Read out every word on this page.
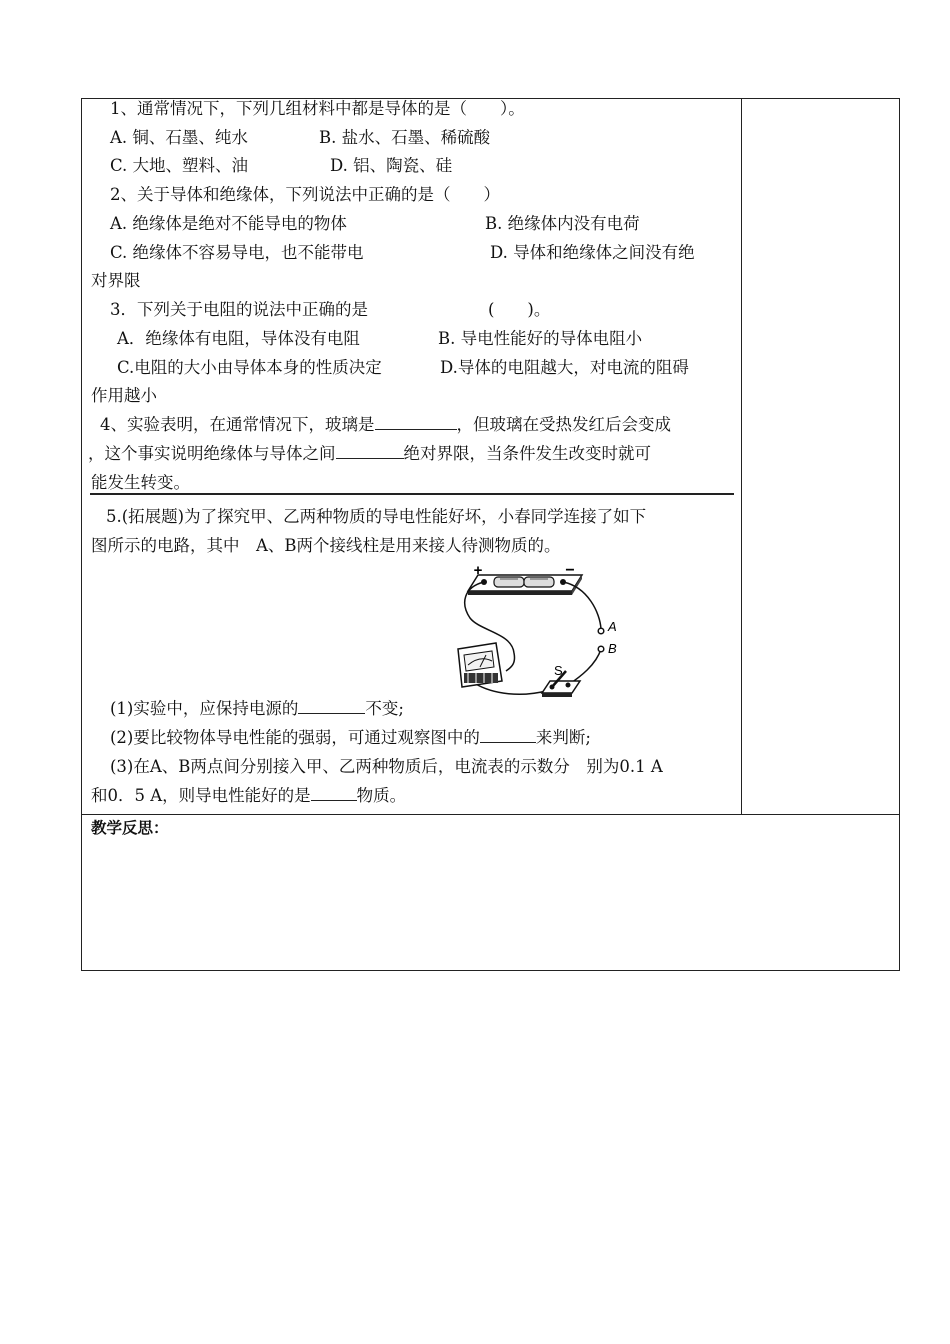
1、通常情况下，下列几组材料中都是导体的是（　　）。
A. 铜、石墨、纯水	B. 盐水、石墨、稀硫酸
C. 大地、塑料、油	D. 铝、陶瓷、硅
2、关于导体和绝缘体，下列说法中正确的是（　　）
A. 绝缘体是绝对不能导电的物体	B. 绝缘体内没有电荷
C. 绝缘体不容易导电，也不能带电	D. 导体和绝缘体之间没有绝
对界限
3．下列关于电阻的说法中正确的是	(　　)。
A．绝缘体有电阻，导体没有电阻	B. 导电性能好的导体电阻小
C.电阻的大小由导体本身的性质决定	D.导体的电阻越大，对电流的阻碍
作用越小
4、实验表明，在通常情况下，玻璃是	，但玻璃在受热发红后会变成
，这个事实说明绝缘体与导体之间	绝对界限，当条件发生改变时就可
能发生转变。
5.(拓展题)为了探究甲、乙两种物质的导电性能好坏，小春同学连接了如下
图所示的电路，其中　A、B两个接线柱是用来接人待测物质的。
+	−
A
B
S
(1)实验中，应保持电源的	不变;
(2)要比较物体导电性能的强弱，可通过观察图中的	来判断;
(3)在A、B两点间分别接入甲、乙两种物质后，电流表的示数分　别为0.1 A
和0．5 A，则导电性能好的是	物质。
教学反思：
